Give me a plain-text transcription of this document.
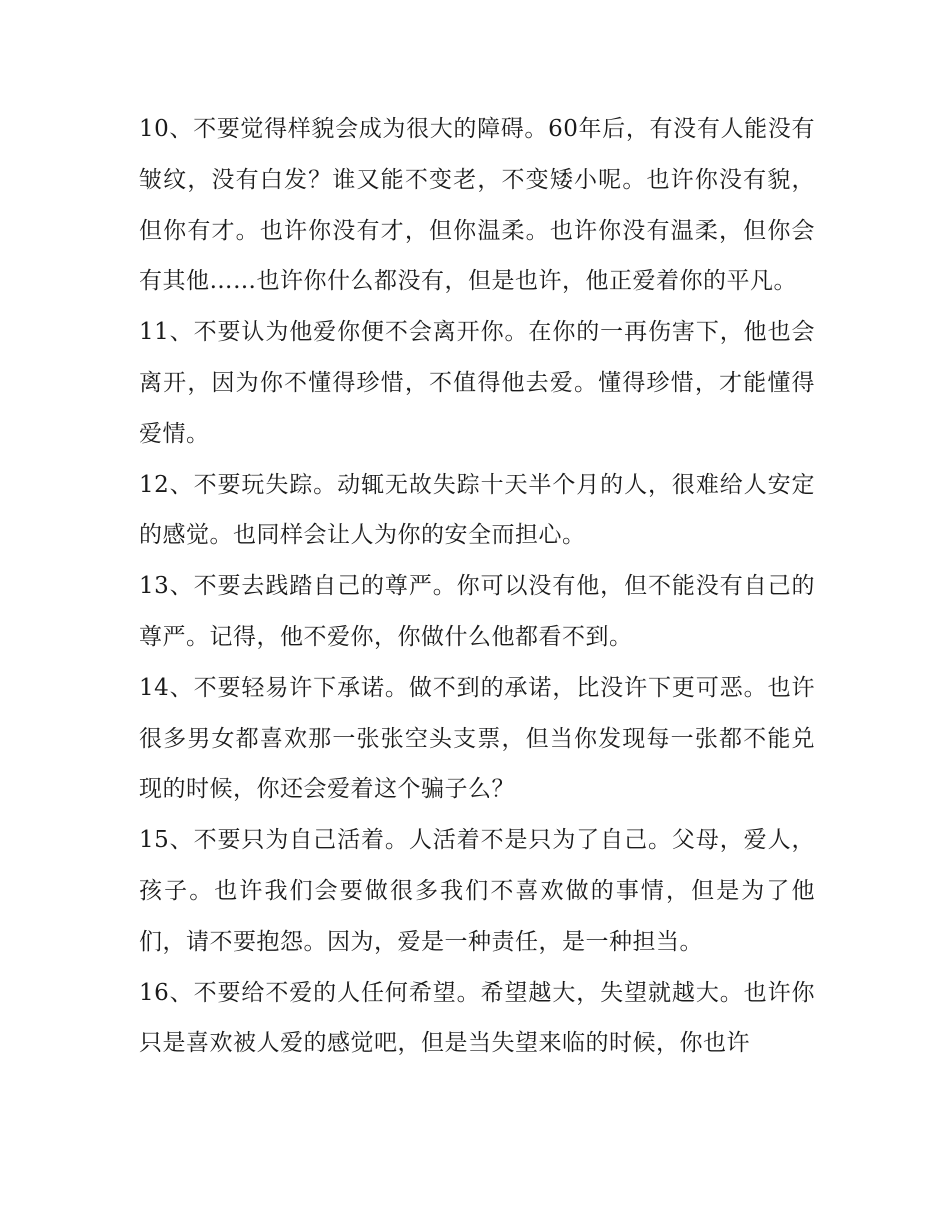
10、不要觉得样貌会成为很大的障碍。60年后，有没有人能没有皱纹，没有白发？谁又能不变老，不变矮小呢。也许你没有貌，但你有才。也许你没有才，但你温柔。也许你没有温柔，但你会有其他……也许你什么都没有，但是也许，他正爱着你的平凡。

11、不要认为他爱你便不会离开你。在你的一再伤害下，他也会离开，因为你不懂得珍惜，不值得他去爱。懂得珍惜，才能懂得爱情。

12、不要玩失踪。动辄无故失踪十天半个月的人，很难给人安定的感觉。也同样会让人为你的安全而担心。

13、不要去践踏自己的尊严。你可以没有他，但不能没有自己的尊严。记得，他不爱你，你做什么他都看不到。

14、不要轻易许下承诺。做不到的承诺，比没许下更可恶。也许很多男女都喜欢那一张张空头支票，但当你发现每一张都不能兑现的时候，你还会爱着这个骗子么？

15、不要只为自己活着。人活着不是只为了自己。父母，爱人，孩子。也许我们会要做很多我们不喜欢做的事情，但是为了他们，请不要抱怨。因为，爱是一种责任，是一种担当。

16、不要给不爱的人任何希望。希望越大，失望就越大。也许你只是喜欢被人爱的感觉吧，但是当失望来临的时候，你也许
